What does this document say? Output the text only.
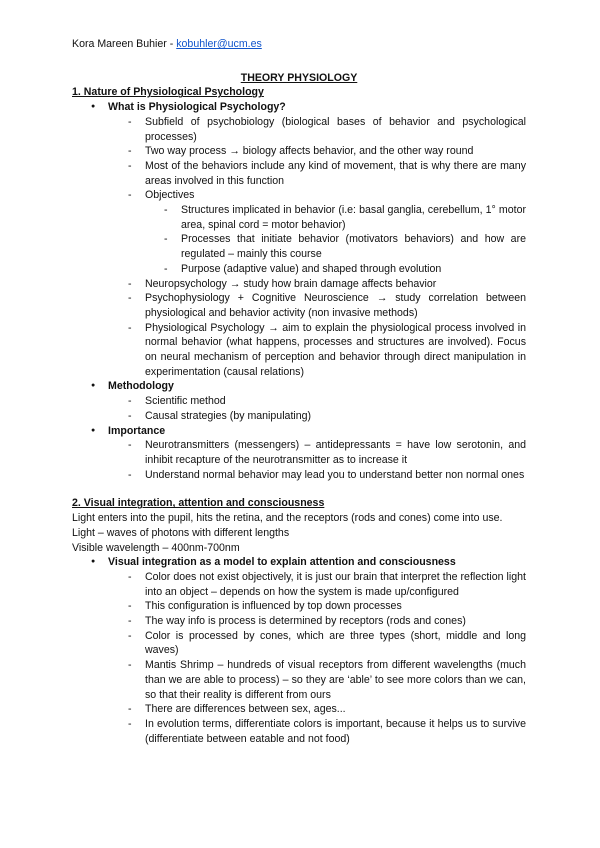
Kora Mareen Buhier - kobuhler@ucm.es
THEORY PHYSIOLOGY
1. Nature of Physiological Psychology
● What is Physiological Psychology?
- Subfield of psychobiology (biological bases of behavior and psychological processes)
- Two way process → biology affects behavior, and the other way round
- Most of the behaviors include any kind of movement, that is why there are many areas involved in this function
- Objectives
- Structures implicated in behavior (i.e: basal ganglia, cerebellum, 1° motor area, spinal cord = motor behavior)
- Processes that initiate behavior (motivators behaviors) and how are regulated – mainly this course
- Purpose (adaptive value) and shaped through evolution
- Neuropsychology → study how brain damage affects behavior
- Psychophysiology + Cognitive Neuroscience → study correlation between physiological and behavior activity (non invasive methods)
- Physiological Psychology → aim to explain the physiological process involved in normal behavior (what happens, processes and structures are involved). Focus on neural mechanism of perception and behavior through direct manipulation in experimentation (causal relations)
● Methodology
- Scientific method
- Causal strategies (by manipulating)
● Importance
- Neurotransmitters (messengers) – antidepressants = have low serotonin, and inhibit recapture of the neurotransmitter as to increase it
- Understand normal behavior may lead you to understand better non normal ones
2. Visual integration, attention and consciousness
Light enters into the pupil, hits the retina, and the receptors (rods and cones) come into use.
Light – waves of photons with different lengths
Visible wavelength – 400nm-700nm
● Visual integration as a model to explain attention and consciousness
- Color does not exist objectively, it is just our brain that interpret the reflection light into an object – depends on how the system is made up/configured
- This configuration is influenced by top down processes
- The way info is process is determined by receptors (rods and cones)
- Color is processed by cones, which are three types (short, middle and long waves)
- Mantis Shrimp – hundreds of visual receptors from different wavelengths (much than we are able to process) – so they are ‘able’ to see more colors than we can, so that their reality is different from ours
- There are differences between sex, ages...
- In evolution terms, differentiate colors is important, because it helps us to survive (differentiate between eatable and not food)
